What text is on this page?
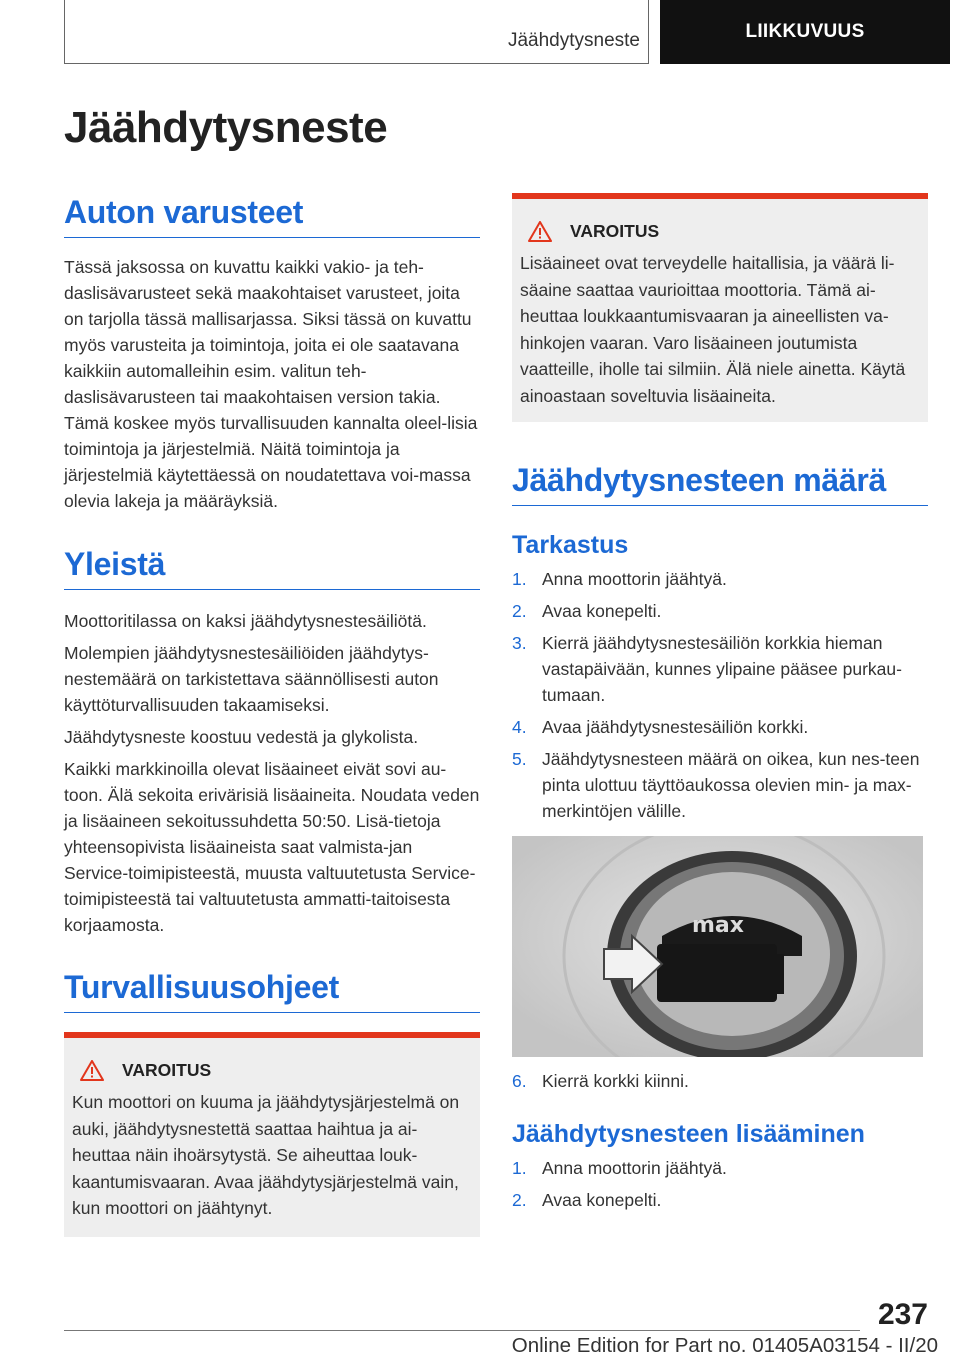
Jäähdytysneste	LIIKKUVUUS
Jäähdytysneste
Auton varusteet
Tässä jaksossa on kuvattu kaikki vakio- ja teh-daslisävarusteet sekä maakohtaiset varusteet, joita on tarjolla tässä mallisarjassa. Siksi tässä on kuvattu myös varusteita ja toimintoja, joita ei ole saatavana kaikkiin automalleihin esim. valitun teh-daslisävarusteen tai maakohtaisen version takia. Tämä koskee myös turvallisuuden kannalta oleel-lisia toimintoja ja järjestelmiä. Näitä toimintoja ja järjestelmiä käytettäessä on noudatettava voi-massa olevia lakeja ja määräyksiä.
Yleistä
Moottoritilassa on kaksi jäähdytysnestesäiliötä.
Molempien jäähdytysnestesäiliöiden jäähdytys-nestemäärä on tarkistettava säännöllisesti auton käyttöturvallisuuden takaamiseksi.
Jäähdytysneste koostuu vedestä ja glykolista.
Kaikki markkinoilla olevat lisäaineet eivät sovi au-toon. Älä sekoita erivärisiä lisäaineita. Noudata veden ja lisäaineen sekoitussuhdetta 50:50. Lisä-tietoja yhteensopivista lisäaineista saat valmista-jan Service-toimipisteestä, muusta valtuutetusta Service-toimipisteestä tai valtuutetusta ammatti-taitoisesta korjaamosta.
Turvallisuusohjeet
VAROITUS
Kun moottori on kuuma ja jäähdytysjärjestelmä on auki, jäähdytysnestettä saattaa haihtua ja ai-heuttaa näin ihoärsytystä. Se aiheuttaa louk-kaantumisvaaran. Avaa jäähdytysjärjestelmä vain, kun moottori on jäähtynyt.
VAROITUS
Lisäaineet ovat terveydelle haitallisia, ja väärä li-säaine saattaa vaurioittaa moottoria. Tämä ai-heuttaa loukkaantumisvaaran ja aineellisten va-hinkojen vaaran. Varo lisäaineen joutumista vaatteille, iholle tai silmiin. Älä niele ainetta. Käytä ainoastaan soveltuvia lisäaineita.
Jäähdytysnesteen määrä
Tarkastus
1. Anna moottorin jäähtyä.
2. Avaa konepelti.
3. Kierrä jäähdytysnestesäiliön korkkia hieman vastapäivään, kunnes ylipaine pääsee purkau-tumaan.
4. Avaa jäähdytysnestesäiliön korkki.
5. Jäähdytysnesteen määrä on oikea, kun nes-teen pinta ulottuu täyttöaukossa olevien min- ja max-merkintöjen välille.
max
6. Kierrä korkki kiinni.
Jäähdytysnesteen lisääminen
1. Anna moottorin jäähtyä.
2. Avaa konepelti.
237
Online Edition for Part no. 01405A03154 - II/20
